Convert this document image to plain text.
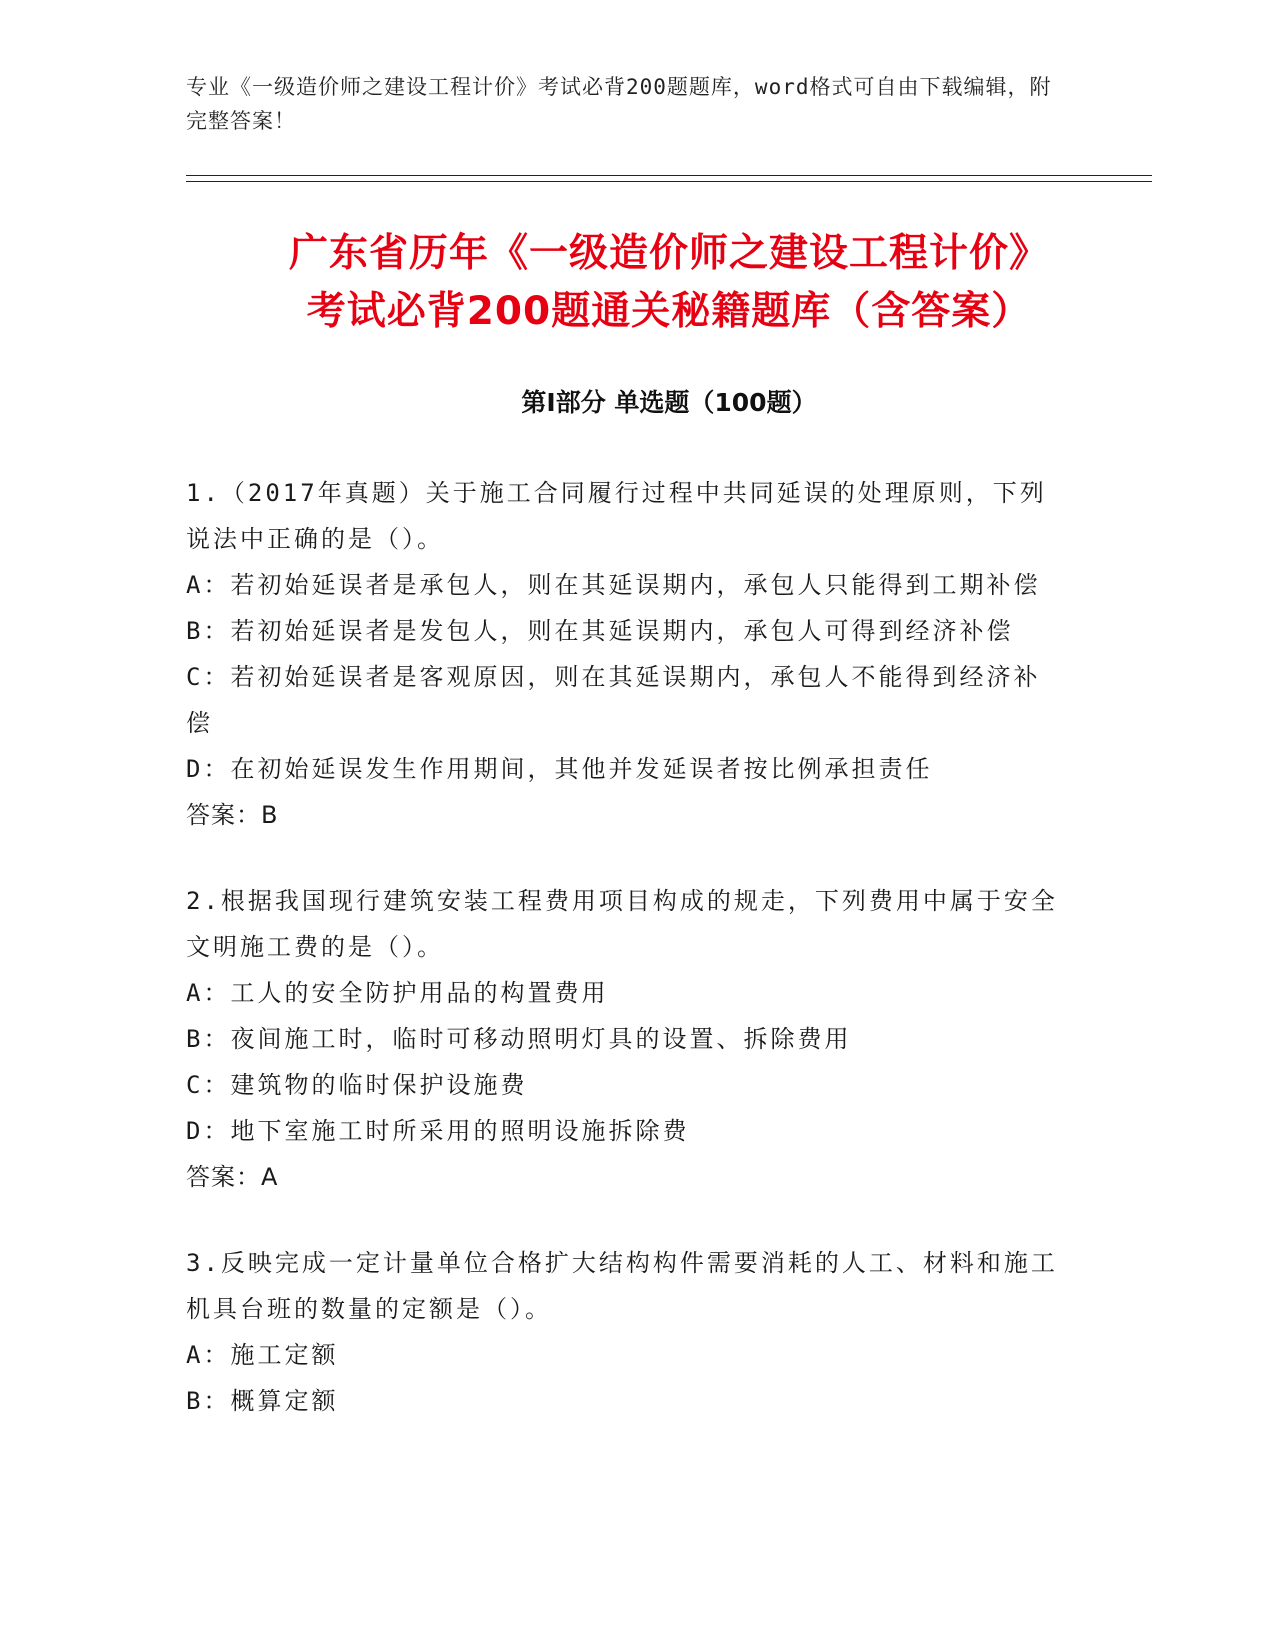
专业《一级造价师之建设工程计价》考试必背200题题库，word格式可自由下载编辑，附完整答案！
广东省历年《一级造价师之建设工程计价》
考试必背200题通关秘籍题库（含答案）
第Ⅰ部分 单选题（100题）

1.（2017年真题）关于施工合同履行过程中共同延误的处理原则，下列说法中正确的是（）。

A：若初始延误者是承包人，则在其延误期内，承包人只能得到工期补偿

B：若初始延误者是发包人，则在其延误期内，承包人可得到经济补偿

C：若初始延误者是客观原因，则在其延误期内，承包人不能得到经济补偿

D：在初始延误发生作用期间，其他并发延误者按比例承担责任

答案：B

2.根据我国现行建筑安装工程费用项目构成的规走，下列费用中属于安全文明施工费的是（）。

A：工人的安全防护用品的构置费用

B：夜间施工时，临时可移动照明灯具的设置、拆除费用

C：建筑物的临时保护设施费

D：地下室施工时所采用的照明设施拆除费

答案：A

3.反映完成一定计量单位合格扩大结构构件需要消耗的人工、材料和施工机具台班的数量的定额是（）。

A：施工定额

B：概算定额
